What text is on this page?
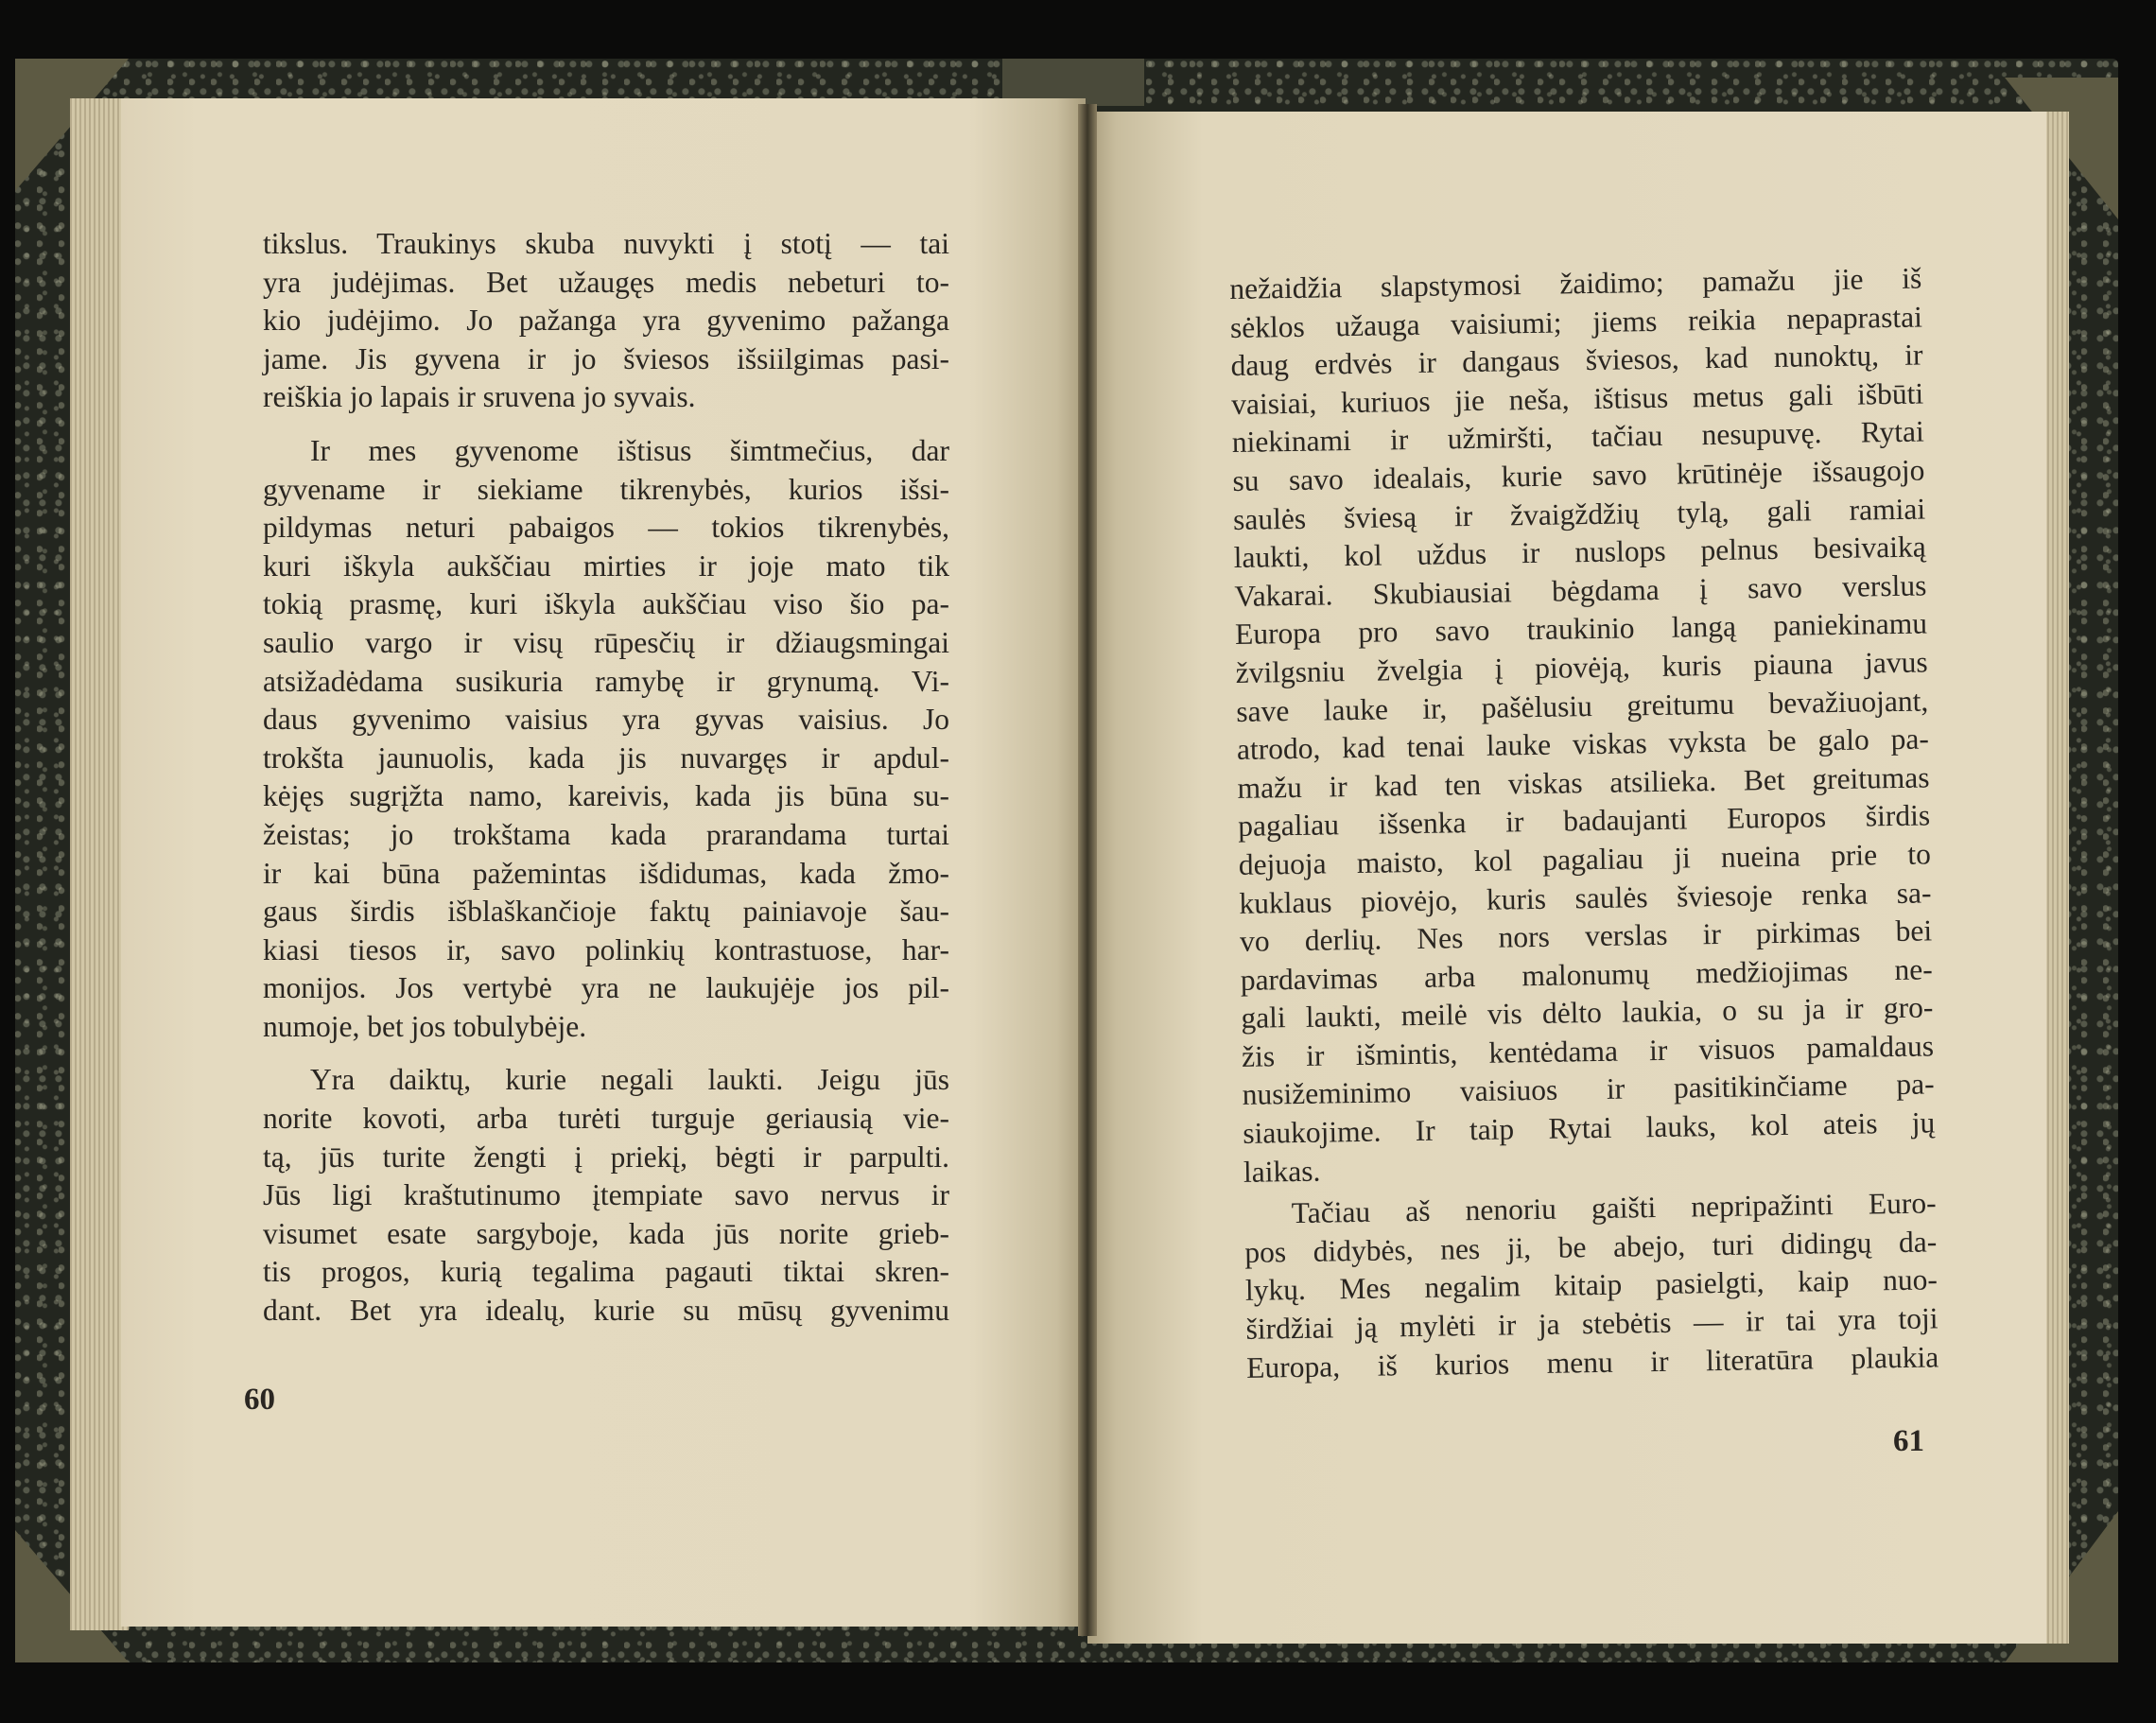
tikslus. Traukinys skuba nuvykti į stotį — tai

yra judėjimas. Bet užaugęs medis nebeturi to-

kio judėjimo. Jo pažanga yra gyvenimo pažanga

jame. Jis gyvena ir jo šviesos išsiilgimas pasi-

reiškia jo lapais ir sruvena jo syvais.

Ir mes gyvenome ištisus šimtmečius, dar

gyvename ir siekiame tikrenybės, kurios išsi-

pildymas neturi pabaigos — tokios tikrenybės,

kuri iškyla aukščiau mirties ir joje mato tik

tokią prasmę, kuri iškyla aukščiau viso šio pa-

saulio vargo ir visų rūpesčių ir džiaugsmingai

atsižadėdama susikuria ramybę ir grynumą. Vi-

daus gyvenimo vaisius yra gyvas vaisius. Jo

trokšta jaunuolis, kada jis nuvargęs ir apdul-

kėjęs sugrįžta namo, kareivis, kada jis būna su-

žeistas; jo trokštama kada prarandama turtai

ir kai būna pažemintas išdidumas, kada žmo-

gaus širdis išblaškančioje faktų painiavoje šau-

kiasi tiesos ir, savo polinkių kontrastuose, har-

monijos. Jos vertybė yra ne laukujėje jos pil-

numoje, bet jos tobulybėje.

Yra daiktų, kurie negali laukti. Jeigu jūs

norite kovoti, arba turėti turguje geriausią vie-

tą, jūs turite žengti į priekį, bėgti ir parpulti.

Jūs ligi kraštutinumo įtempiate savo nervus ir

visumet esate sargyboje, kada jūs norite grieb-

tis progos, kurią tegalima pagauti tiktai skren-

dant. Bet yra idealų, kurie su mūsų gyvenimu

60

nežaidžia slapstymosi žaidimo; pamažu jie iš

sėklos užauga vaisiumi; jiems reikia nepaprastai

daug erdvės ir dangaus šviesos, kad nunoktų, ir

vaisiai, kuriuos jie neša, ištisus metus gali išbūti

niekinami ir užmiršti, tačiau nesupuvę. Rytai

su savo idealais, kurie savo krūtinėje išsaugojo

saulės šviesą ir žvaigždžių tylą, gali ramiai

laukti, kol uždus ir nuslops pelnus besivaiką

Vakarai. Skubiausiai bėgdama į savo verslus

Europa pro savo traukinio langą paniekinamu

žvilgsniu žvelgia į piovėją, kuris piauna javus

save lauke ir, pašėlusiu greitumu bevažiuojant,

atrodo, kad tenai lauke viskas vyksta be galo pa-

mažu ir kad ten viskas atsilieka. Bet greitumas

pagaliau išsenka ir badaujanti Europos širdis

dejuoja maisto, kol pagaliau ji nueina prie to

kuklaus piovėjo, kuris saulės šviesoje renka sa-

vo derlių. Nes nors verslas ir pirkimas bei

pardavimas arba malonumų medžiojimas ne-

gali laukti, meilė vis dėlto laukia, o su ja ir gro-

žis ir išmintis, kentėdama ir visuos pamaldaus

nusižeminimo vaisiuos ir pasitikinčiame pa-

siaukojime. Ir taip Rytai lauks, kol ateis jų

laikas.

Tačiau aš nenoriu gaišti nepripažinti Euro-

pos didybės, nes ji, be abejo, turi didingų da-

lykų. Mes negalim kitaip pasielgti, kaip nuo-

širdžiai ją mylėti ir ja stebėtis — ir tai yra toji

Europa, iš kurios menu ir literatūra plaukia

61
